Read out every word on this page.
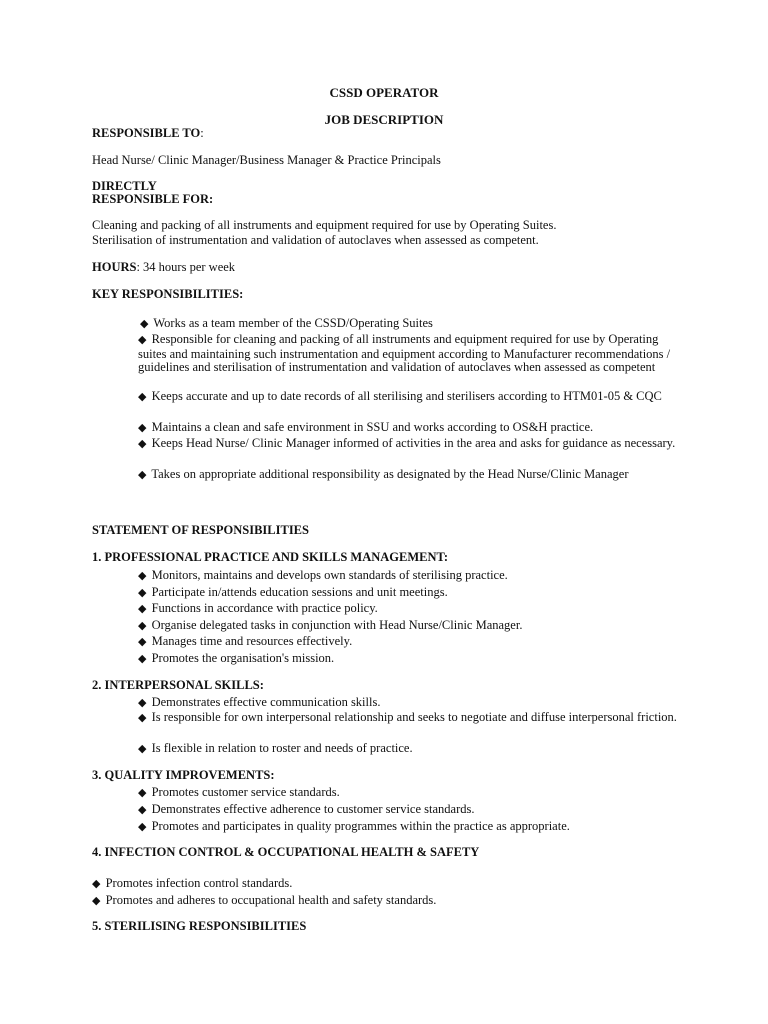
CSSD OPERATOR
JOB DESCRIPTION
RESPONSIBLE TO:
Head Nurse/ Clinic Manager/Business Manager & Practice Principals
DIRECTLY
RESPONSIBLE FOR:
Cleaning and packing of all instruments and equipment required for use by Operating Suites.
Sterilisation of instrumentation and validation of autoclaves when assessed as competent.
HOURS: 34 hours per week
KEY RESPONSIBILITIES:
◆ Works as a team member of the CSSD/Operating Suites
◆ Responsible for cleaning and packing of all instruments and equipment required for use by Operating suites and maintaining such instrumentation and equipment according to Manufacturer recommendations / guidelines and sterilisation of instrumentation and validation of autoclaves when assessed as competent
◆ Keeps accurate and up to date records of all sterilising and sterilisers according to HTM01-05 & CQC
◆ Maintains a clean and safe environment in SSU and works according to OS&H practice.
◆ Keeps Head Nurse/ Clinic Manager informed of activities in the area and asks for guidance as necessary.
◆ Takes on appropriate additional responsibility as designated by the Head Nurse/Clinic Manager
STATEMENT OF RESPONSIBILITIES
1. PROFESSIONAL PRACTICE AND SKILLS MANAGEMENT:
◆ Monitors, maintains and develops own standards of sterilising practice.
◆ Participate in/attends education sessions and unit meetings.
◆ Functions in accordance with practice policy.
◆ Organise delegated tasks in conjunction with Head Nurse/Clinic Manager.
◆ Manages time and resources effectively.
◆ Promotes the organisation's mission.
2. INTERPERSONAL SKILLS:
◆ Demonstrates effective communication skills.
◆ Is responsible for own interpersonal relationship and seeks to negotiate and diffuse interpersonal friction.
◆ Is flexible in relation to roster and needs of practice.
3. QUALITY IMPROVEMENTS:
◆ Promotes customer service standards.
◆ Demonstrates effective adherence to customer service standards.
◆ Promotes and participates in quality programmes within the practice as appropriate.
4. INFECTION CONTROL & OCCUPATIONAL HEALTH & SAFETY
◆ Promotes infection control standards.
◆ Promotes and adheres to occupational health and safety standards.
5. STERILISING RESPONSIBILITIES
